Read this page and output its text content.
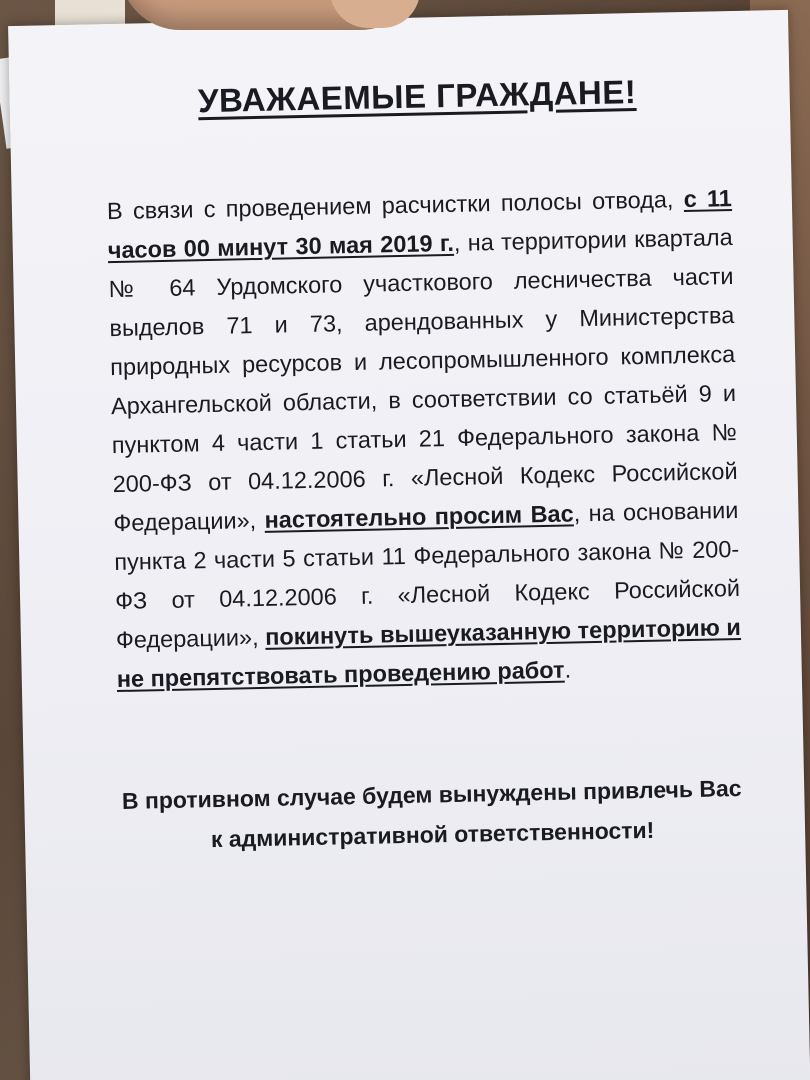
УВАЖАЕМЫЕ ГРАЖДАНЕ!
В связи с проведением расчистки полосы отвода, с 11 часов 00 минут 30 мая 2019 г., на территории квартала № 64 Урдомского участкового лесничества части выделов 71 и 73, арендованных у Министерства природных ресурсов и лесопромышленного комплекса Архангельской области, в соответствии со статьёй 9 и пунктом 4 части 1 статьи 21 Федерального закона № 200-ФЗ от 04.12.2006 г. «Лесной Кодекс Российской Федерации», настоятельно просим Вас, на основании пункта 2 части 5 статьи 11 Федерального закона № 200-ФЗ от 04.12.2006 г. «Лесной Кодекс Российской Федерации», покинуть вышеуказанную территорию и не препятствовать проведению работ.
В противном случае будем вынуждены привлечь Вас
к административной ответственности!
